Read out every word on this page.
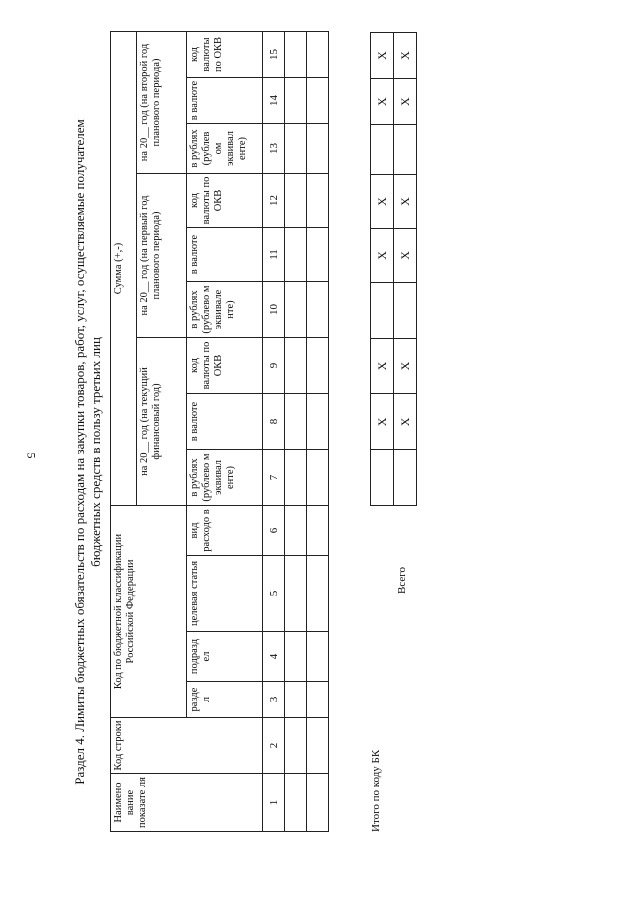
5	Раздел 4. Лимиты бюджетных обязательств по расходам на закупки товаров, работ, услуг, осуществляемые получателем бюджетных средств в пользу третьих лиц
Наимено вание показате ля	Код строки	Код по бюджетной классификации Российской Федерации				Сумма (+,-)								
						на 20__ год (на текущий финансовый год)			на 20__ год (на первый год планового периода)			на 20__ год (на второй год планового периода)		
		разде л	подразд ел	целевая статья	вид расходо в	в рублях (рублево м эквивал енте)	в валюте	код валюты по ОКВ	в рублях (рублево м эквивале нте)	в валюте	код валюты по ОКВ	в рублях (рублев ом эквивал енте)	в валюте	код валюты по ОКВ
1	2	3	4	5	6	7	8	9	10	11	12	13	14	15

Итого по коду БК
Всего
	X	X		X	X		X	X
	X	X		X	X		X	X
